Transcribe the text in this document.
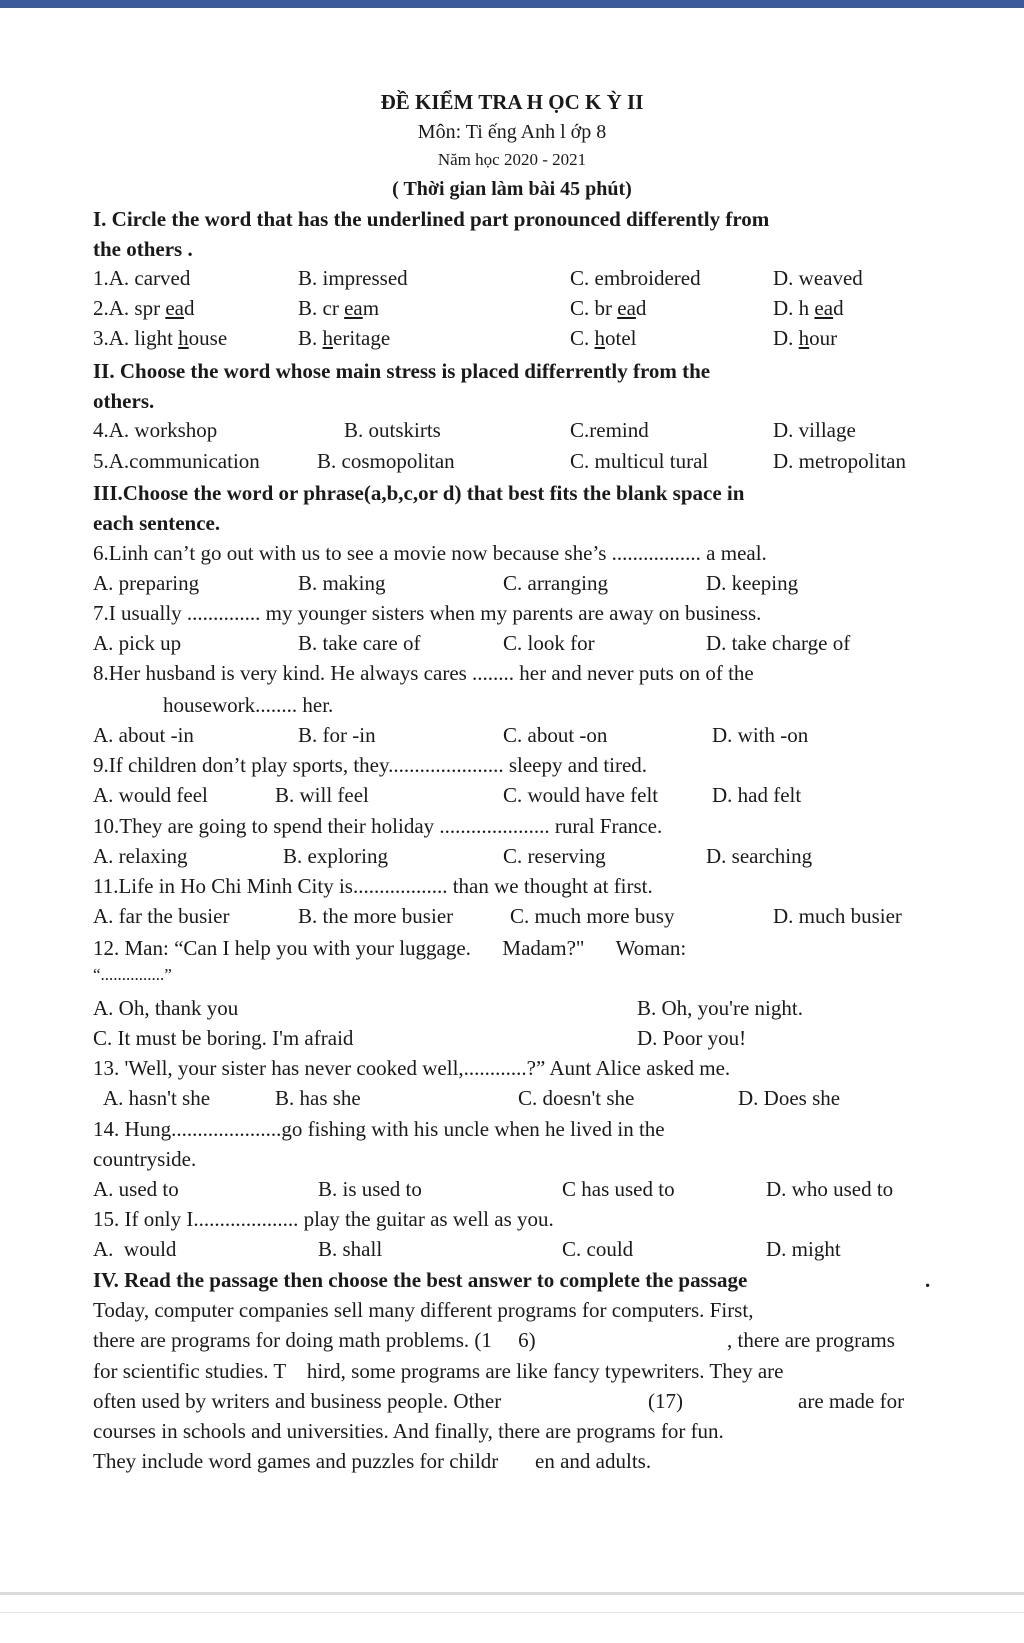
ĐỀ KIỂM TRA H ỌC K Ỳ II
Môn: Ti ếng Anh l ớp 8
Năm học 2020 - 2021
( Thời gian làm bài 45 phút)
I. Circle the word that has the underlined part pronounced differently from
the others .
1.A. carved	B. impressed	C. embroidered	D. weaved
2.A. spr ead	B. cr eam	C. br ead	D. h ead
3.A. light house	B. heritage	C. hotel	D. hour
II. Choose the word whose main stress is placed differrently from the
others.
4.A. workshop	B. outskirts	C.remind	D. village
5.A.communication	B. cosmopolitan	C. multicul tural	D. metropolitan
III.Choose the word or phrase(a,b,c,or d) that best fits the blank space in
each sentence.
6.Linh can’t go out with us to see a movie now because she’s ................. a meal.
A. preparing	B. making	C. arranging	D. keeping
7.I usually .............. my younger sisters when my parents are away on business.
A. pick up	B. take care of	C. look for	D. take charge of
8.Her husband is very kind. He always cares ........ her and never puts on of the
housework........ her.
A. about -in	B. for -in	C. about -on	D. with -on
9.If children don’t play sports, they...................... sleepy and tired.
A. would feel	B. will feel	C. would have felt	D. had felt
10.They are going to spend their holiday ..................... rural France.
A. relaxing	B. exploring	C. reserving	D. searching
11.Life in Ho Chi Minh City is.................. than we thought at first.
A. far the busier	B. the more busier	C. much more busy	D. much busier
12. Man: “Can I help you with your luggage.      Madam?"      Woman:
“...............”
A. Oh, thank you	B. Oh, you're night.
C. It must be boring. I'm afraid	D. Poor you!
13. 'Well, your sister has never cooked well,............?” Aunt Alice asked me.
A. hasn't she	B. has she	C. doesn't she	D. Does she
14. Hung.....................go fishing with his uncle when he lived in the
countryside.
A. used to	B. is used to	C has used to	D. who used to
15. If only I.................... play the guitar as well as you.
A.  would	B. shall	C. could	D. might
IV. Read the passage then choose the best answer to complete the passage	.
Today, computer companies sell many different programs for computers. First,
there are programs for doing math problems. (1     6)	, there are programs
for scientific studies. T    hird, some programs are like fancy typewriters. They are
often used by writers and business people. Other	(17)	are made for
courses in schools and universities. And finally, there are programs for fun.
They include word games and puzzles for childr       en and adults.
